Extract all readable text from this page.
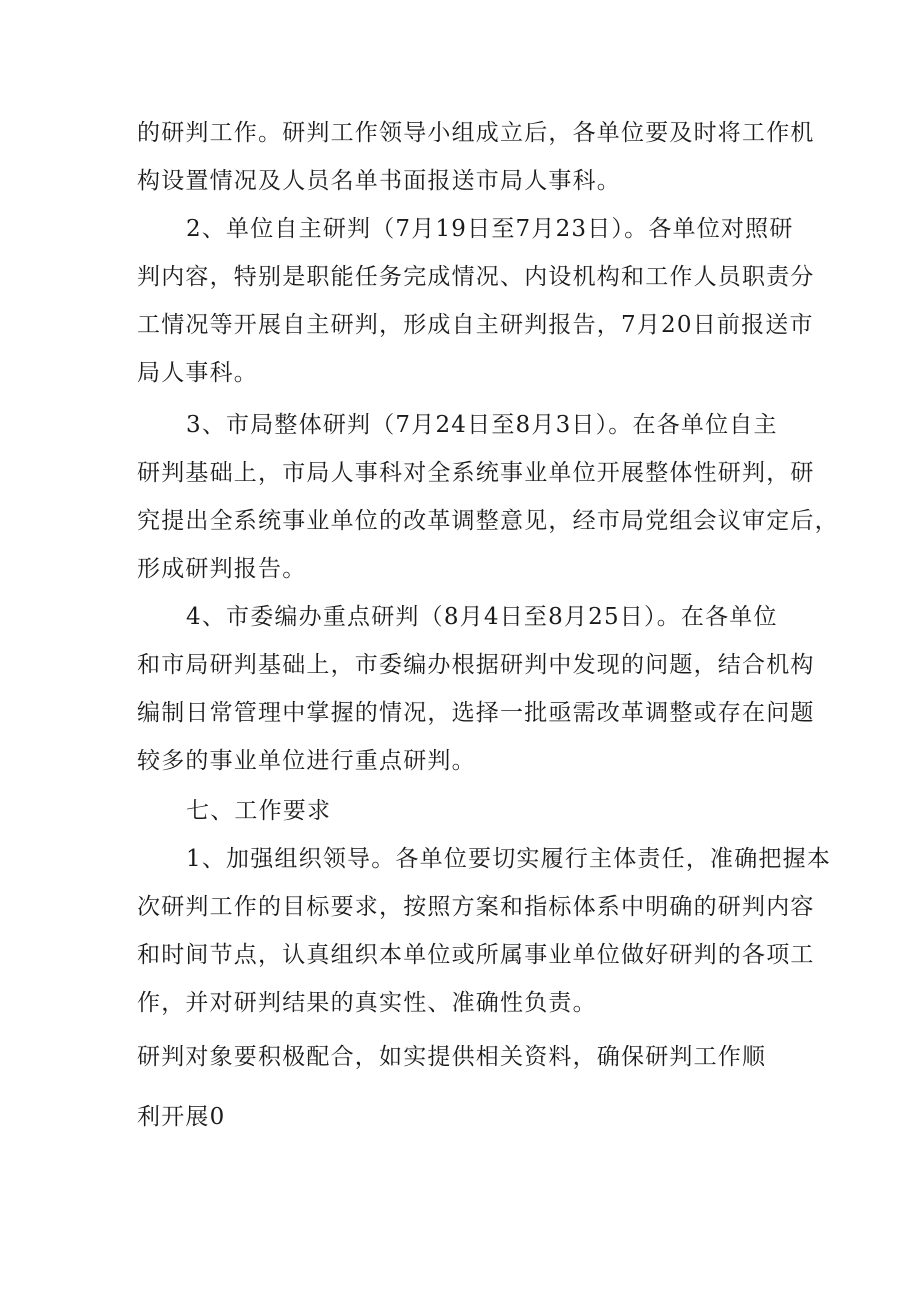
的研判工作。研判工作领导小组成立后，各单位要及时将工作机
构设置情况及人员名单书面报送市局人事科。
2、单位自主研判（7月19日至7月23日）。各单位对照研
判内容，特别是职能任务完成情况、内设机构和工作人员职责分
工情况等开展自主研判，形成自主研判报告，7月20日前报送市
局人事科。
3、市局整体研判（7月24日至8月3日）。在各单位自主
研判基础上，市局人事科对全系统事业单位开展整体性研判，研
究提出全系统事业单位的改革调整意见，经市局党组会议审定后，
形成研判报告。
4、市委编办重点研判（8月4日至8月25日）。在各单位
和市局研判基础上，市委编办根据研判中发现的问题，结合机构
编制日常管理中掌握的情况，选择一批亟需改革调整或存在问题
较多的事业单位进行重点研判。
七、工作要求
1、加强组织领导。各单位要切实履行主体责任，准确把握本
次研判工作的目标要求，按照方案和指标体系中明确的研判内容
和时间节点，认真组织本单位或所属事业单位做好研判的各项工
作，并对研判结果的真实性、准确性负责。
研判对象要积极配合，如实提供相关资料，确保研判工作顺
利开展0
